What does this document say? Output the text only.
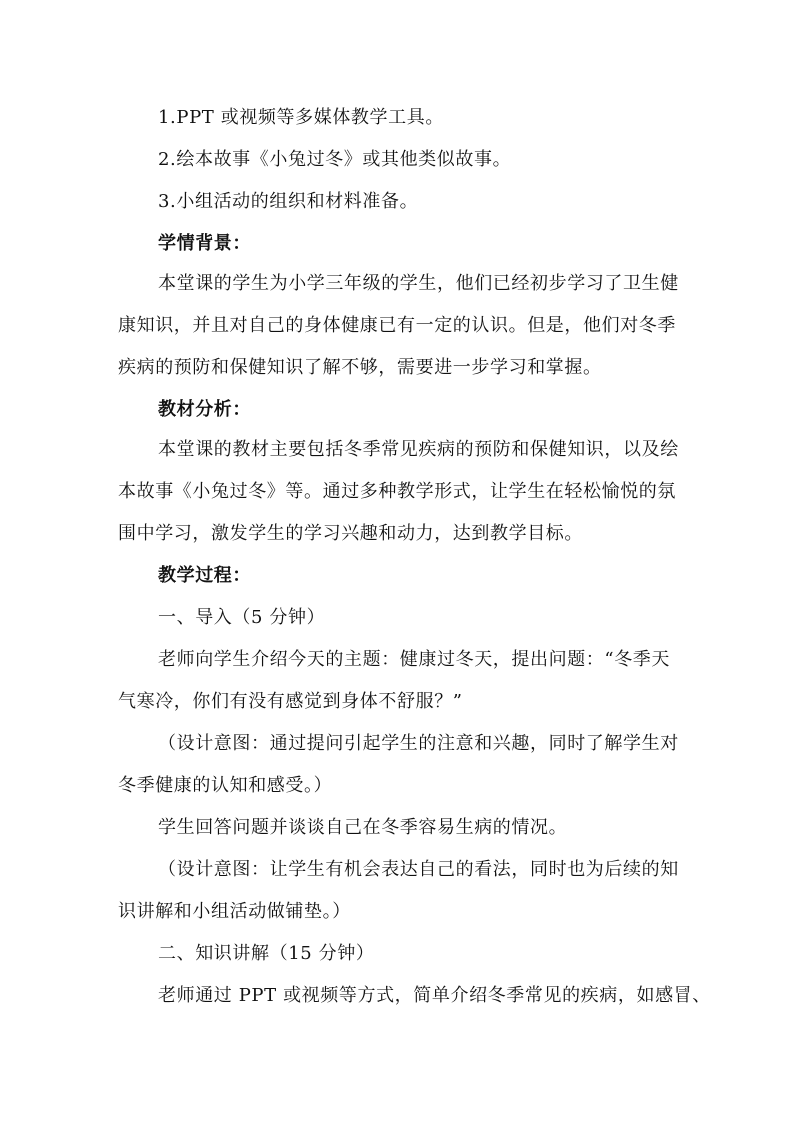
1.PPT 或视频等多媒体教学工具。
2.绘本故事《小兔过冬》或其他类似故事。
3.小组活动的组织和材料准备。
学情背景：
本堂课的学生为小学三年级的学生，他们已经初步学习了卫生健
康知识，并且对自己的身体健康已有一定的认识。但是，他们对冬季
疾病的预防和保健知识了解不够，需要进一步学习和掌握。
教材分析：
本堂课的教材主要包括冬季常见疾病的预防和保健知识，以及绘
本故事《小兔过冬》等。通过多种教学形式，让学生在轻松愉悦的氛
围中学习，激发学生的学习兴趣和动力，达到教学目标。
教学过程：
一、导入（5 分钟）
老师向学生介绍今天的主题：健康过冬天，提出问题：“冬季天
气寒冷，你们有没有感觉到身体不舒服？”
（设计意图：通过提问引起学生的注意和兴趣，同时了解学生对
冬季健康的认知和感受。）
学生回答问题并谈谈自己在冬季容易生病的情况。
（设计意图：让学生有机会表达自己的看法，同时也为后续的知
识讲解和小组活动做铺垫。）
二、知识讲解（15 分钟）
老师通过 PPT 或视频等方式，简单介绍冬季常见的疾病，如感冒、
